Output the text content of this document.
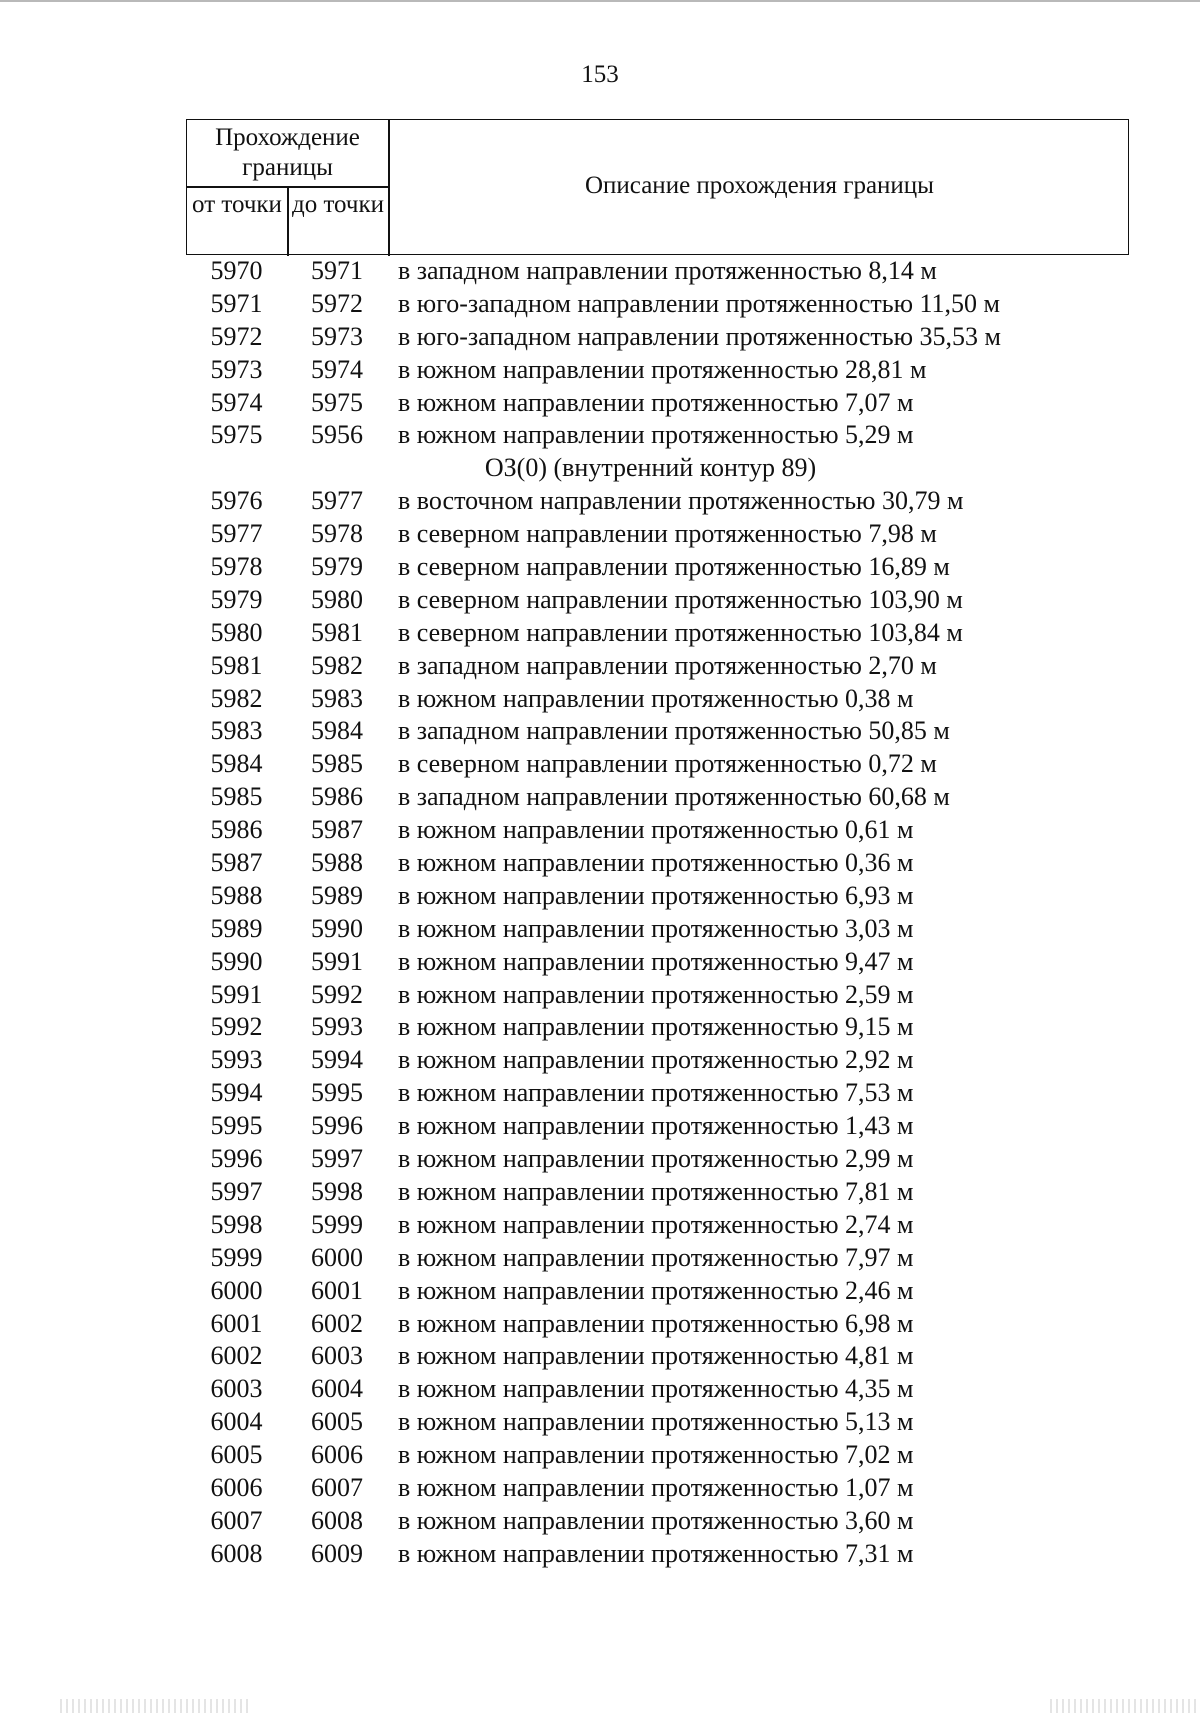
153
Прохождение границы
от точки до точки
Описание прохождения границы
5970	5971	в западном направлении протяженностью 8,14 м
5971	5972	в юго-западном направлении протяженностью 11,50 м
5972	5973	в юго-западном направлении протяженностью 35,53 м
5973	5974	в южном направлении протяженностью 28,81 м
5974	5975	в южном направлении протяженностью 7,07 м
5975	5956	в южном направлении протяженностью 5,29 м
ОЗ(0) (внутренний контур 89)
5976	5977	в восточном направлении протяженностью 30,79 м
5977	5978	в северном направлении протяженностью 7,98 м
5978	5979	в северном направлении протяженностью 16,89 м
5979	5980	в северном направлении протяженностью 103,90 м
5980	5981	в северном направлении протяженностью 103,84 м
5981	5982	в западном направлении протяженностью 2,70 м
5982	5983	в южном направлении протяженностью 0,38 м
5983	5984	в западном направлении протяженностью 50,85 м
5984	5985	в северном направлении протяженностью 0,72 м
5985	5986	в западном направлении протяженностью 60,68 м
5986	5987	в южном направлении протяженностью 0,61 м
5987	5988	в южном направлении протяженностью 0,36 м
5988	5989	в южном направлении протяженностью 6,93 м
5989	5990	в южном направлении протяженностью 3,03 м
5990	5991	в южном направлении протяженностью 9,47 м
5991	5992	в южном направлении протяженностью 2,59 м
5992	5993	в южном направлении протяженностью 9,15 м
5993	5994	в южном направлении протяженностью 2,92 м
5994	5995	в южном направлении протяженностью 7,53 м
5995	5996	в южном направлении протяженностью 1,43 м
5996	5997	в южном направлении протяженностью 2,99 м
5997	5998	в южном направлении протяженностью 7,81 м
5998	5999	в южном направлении протяженностью 2,74 м
5999	6000	в южном направлении протяженностью 7,97 м
6000	6001	в южном направлении протяженностью 2,46 м
6001	6002	в южном направлении протяженностью 6,98 м
6002	6003	в южном направлении протяженностью 4,81 м
6003	6004	в южном направлении протяженностью 4,35 м
6004	6005	в южном направлении протяженностью 5,13 м
6005	6006	в южном направлении протяженностью 7,02 м
6006	6007	в южном направлении протяженностью 1,07 м
6007	6008	в южном направлении протяженностью 3,60 м
6008	6009	в южном направлении протяженностью 7,31 м
